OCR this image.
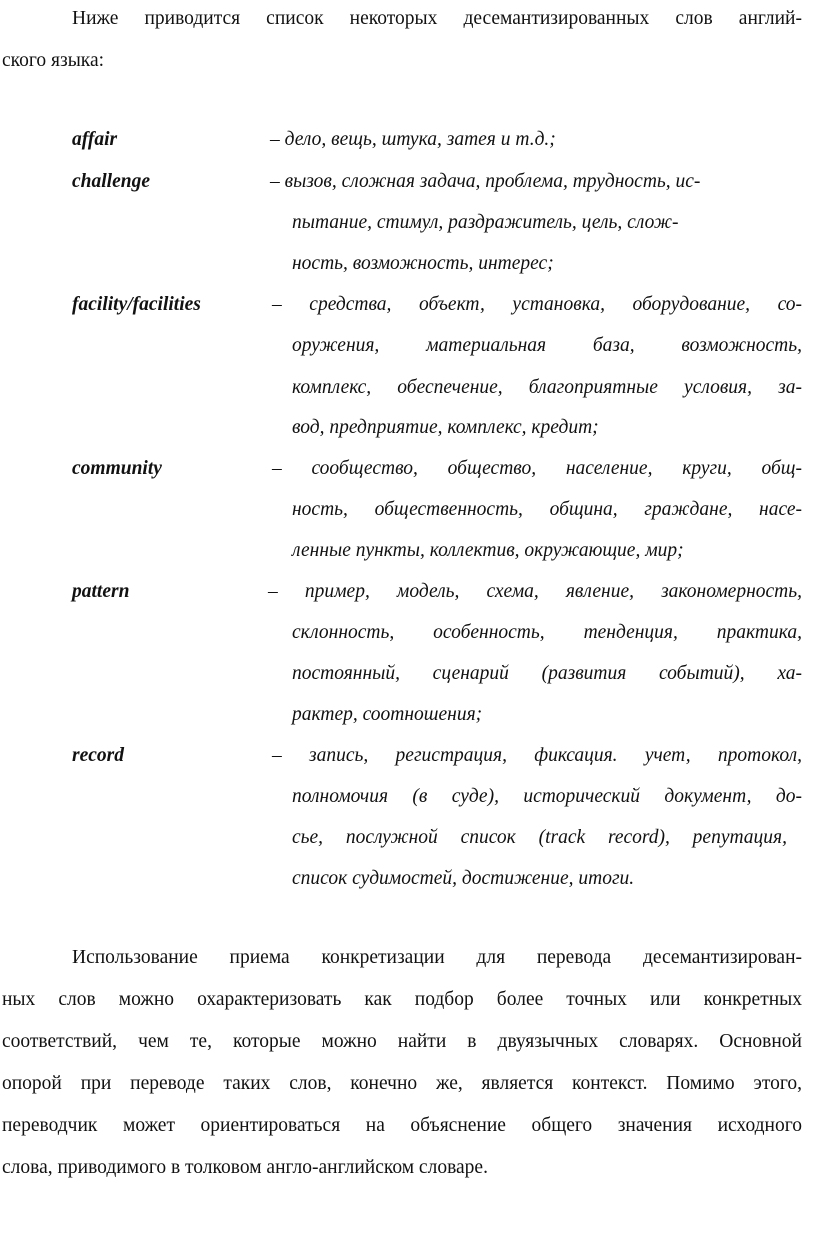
Ниже приводится список некоторых десемантизированных слов англий-
ского языка:
affair	– дело, вещь, штука, затея и т.д.;
challenge	– вызов, сложная задача, проблема, трудность, ис-
пытание, стимул, раздражитель, цель, слож-
ность, возможность, интерес;
facility/facilities	– средства, объект, установка, оборудование, со-
оружения, материальная база, возможность,
комплекс, обеспечение, благоприятные условия, за-
вод, предприятие, комплекс, кредит;
community	– сообщество, общество, население, круги, общ-
ность, общественность, община, граждане, насе-
ленные пункты, коллектив, окружающие, мир;
pattern	– пример, модель, схема, явление, закономерность,
склонность, особенность, тенденция, практика,
постоянный, сценарий (развития событий), ха-
рактер, соотношения;
record	– запись, регистрация, фиксация. учет, протокол,
полномочия (в суде), исторический документ, до-
сье, послужной список (track record), репутация,
список судимостей, достижение, итоги.
Использование приема конкретизации для перевода десемантизирован-
ных слов можно охарактеризовать как подбор более точных или конкретных
соответствий, чем те, которые можно найти в двуязычных словарях. Основной
опорой при переводе таких слов, конечно же, является контекст. Помимо этого,
переводчик может ориентироваться на объяснение общего значения исходного
слова, приводимого в толковом англо-английском словаре.
